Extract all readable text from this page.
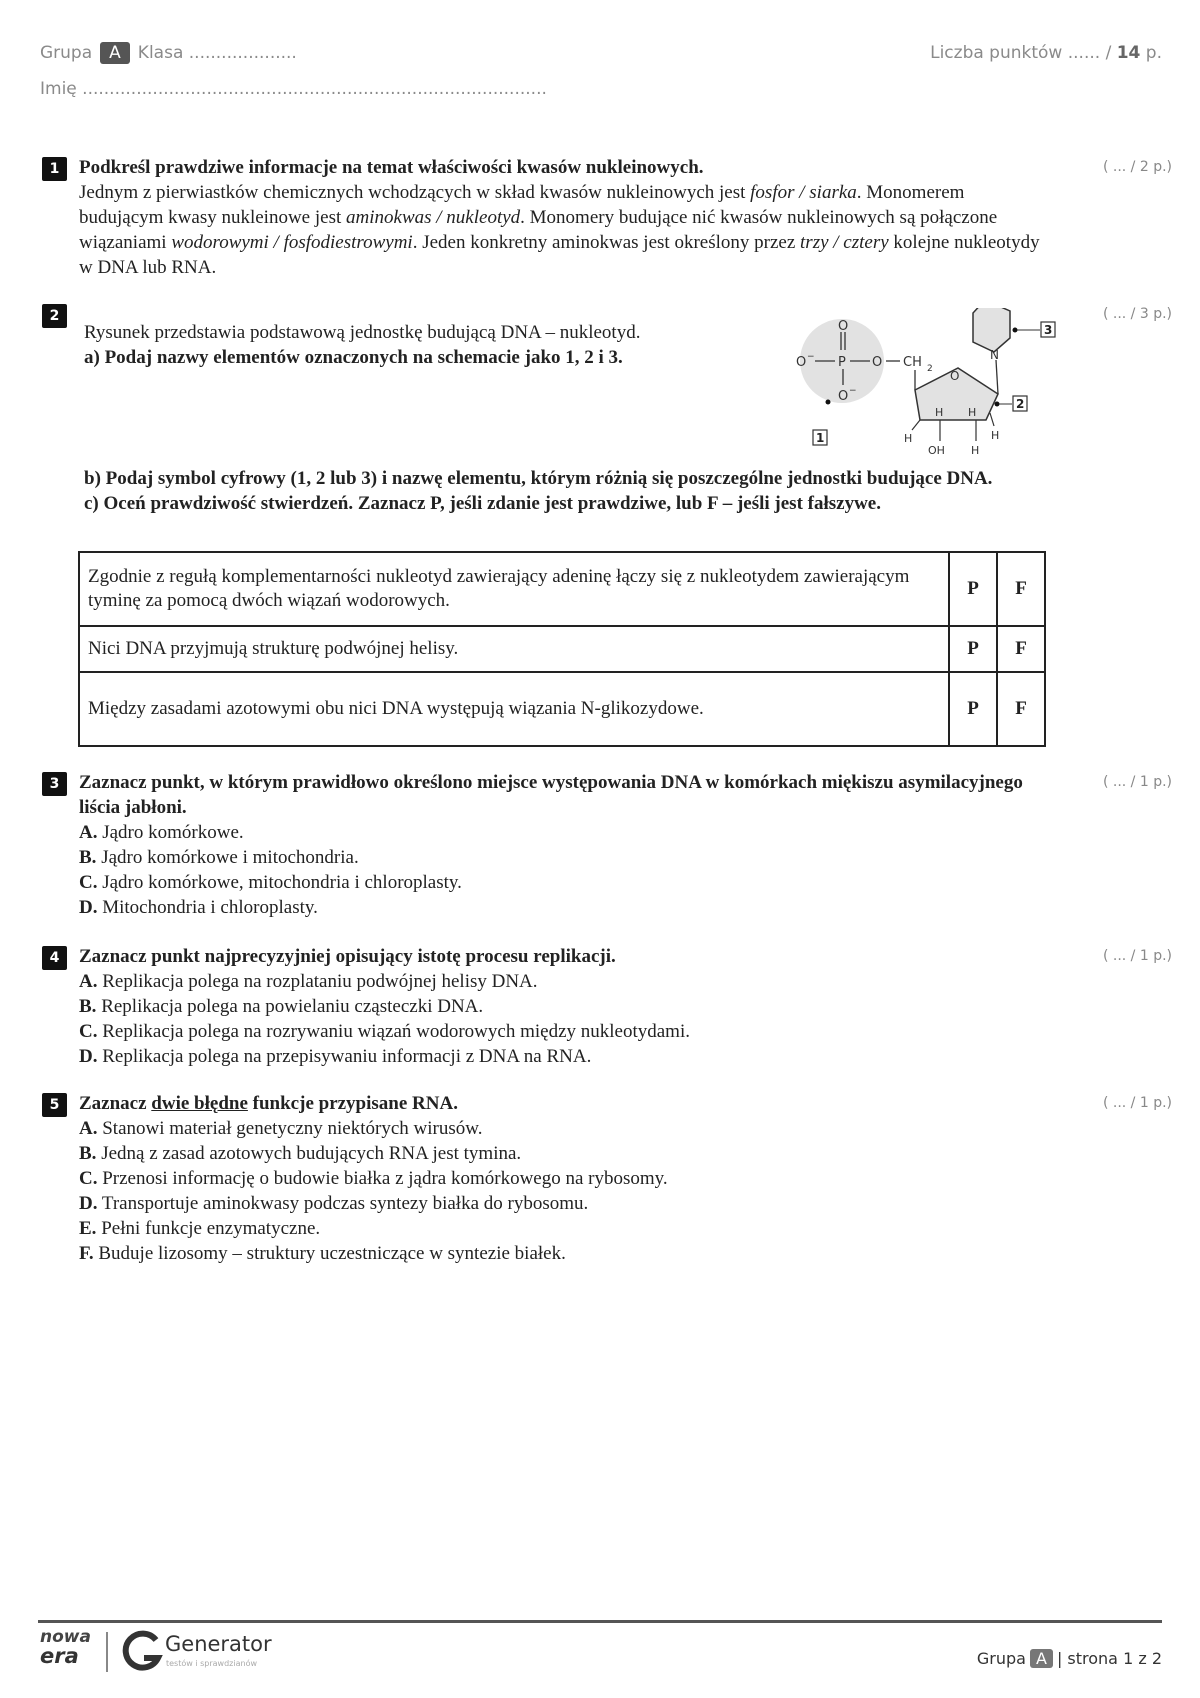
Grupa A Klasa ....................	Liczba punktów ...... / 14 p.
Imię ......................................................................................
1	( ... / 2 p.)
Podkreśl prawdziwe informacje na temat właściwości kwasów nukleinowych.
Jednym z pierwiastków chemicznych wchodzących w skład kwasów nukleinowych jest fosfor / siarka. Monomerem budującym kwasy nukleinowe jest aminokwas / nukleotyd. Monomery budujące nić kwasów nukleinowych są połączone wiązaniami wodorowymi / fosfodiestrowymi. Jeden konkretny aminokwas jest określony przez trzy / cztery kolejne nukleotydy w DNA lub RNA.
2	( ... / 3 p.)
Rysunek przedstawia podstawową jednostkę budującą DNA – nukleotyd.
a) Podaj nazwy elementów oznaczonych na schemacie jako 1, 2 i 3.
O
P
O −	O
O −
CH 2 O
H H
H
OH H
H
N
3
2
1
b) Podaj symbol cyfrowy (1, 2 lub 3) i nazwę elementu, którym różnią się poszczególne jednostki budujące DNA.
c) Oceń prawdziwość stwierdzeń. Zaznacz P, jeśli zdanie jest prawdziwe, lub F – jeśli jest fałszywe.
Zgodnie z regułą komplementarności nukleotyd zawierający adeninę łączy się z nukleotydem zawierającym tyminę za pomocą dwóch wiązań wodorowych.	P	F
Nici DNA przyjmują strukturę podwójnej helisy.	P	F

Między zasadami azotowymi obu nici DNA występują wiązania N-glikozydowe.	P	F
3	( ... / 1 p.)
Zaznacz punkt, w którym prawidłowo określono miejsce występowania DNA w komórkach miękiszu asymilacyjnego liścia jabłoni.
A. Jądro komórkowe.
B. Jądro komórkowe i mitochondria.
C. Jądro komórkowe, mitochondria i chloroplasty.
D. Mitochondria i chloroplasty.
4	( ... / 1 p.)
Zaznacz punkt najprecyzyjniej opisujący istotę procesu replikacji.
A. Replikacja polega na rozplataniu podwójnej helisy DNA.
B. Replikacja polega na powielaniu cząsteczki DNA.
C. Replikacja polega na rozrywaniu wiązań wodorowych między nukleotydami.
D. Replikacja polega na przepisywaniu informacji z DNA na RNA.
5	( ... / 1 p.)
Zaznacz dwie błędne funkcje przypisane RNA.
A. Stanowi materiał genetyczny niektórych wirusów.
B. Jedną z zasad azotowych budujących RNA jest tymina.
C. Przenosi informację o budowie białka z jądra komórkowego na rybosomy.
D. Transportuje aminokwasy podczas syntezy białka do rybosomu.
E. Pełni funkcje enzymatyczne.
F. Buduje lizosomy – struktury uczestniczące w syntezie białek.
nowa
era	Generator
testów i sprawdzianów	Grupa A | strona 1 z 2
